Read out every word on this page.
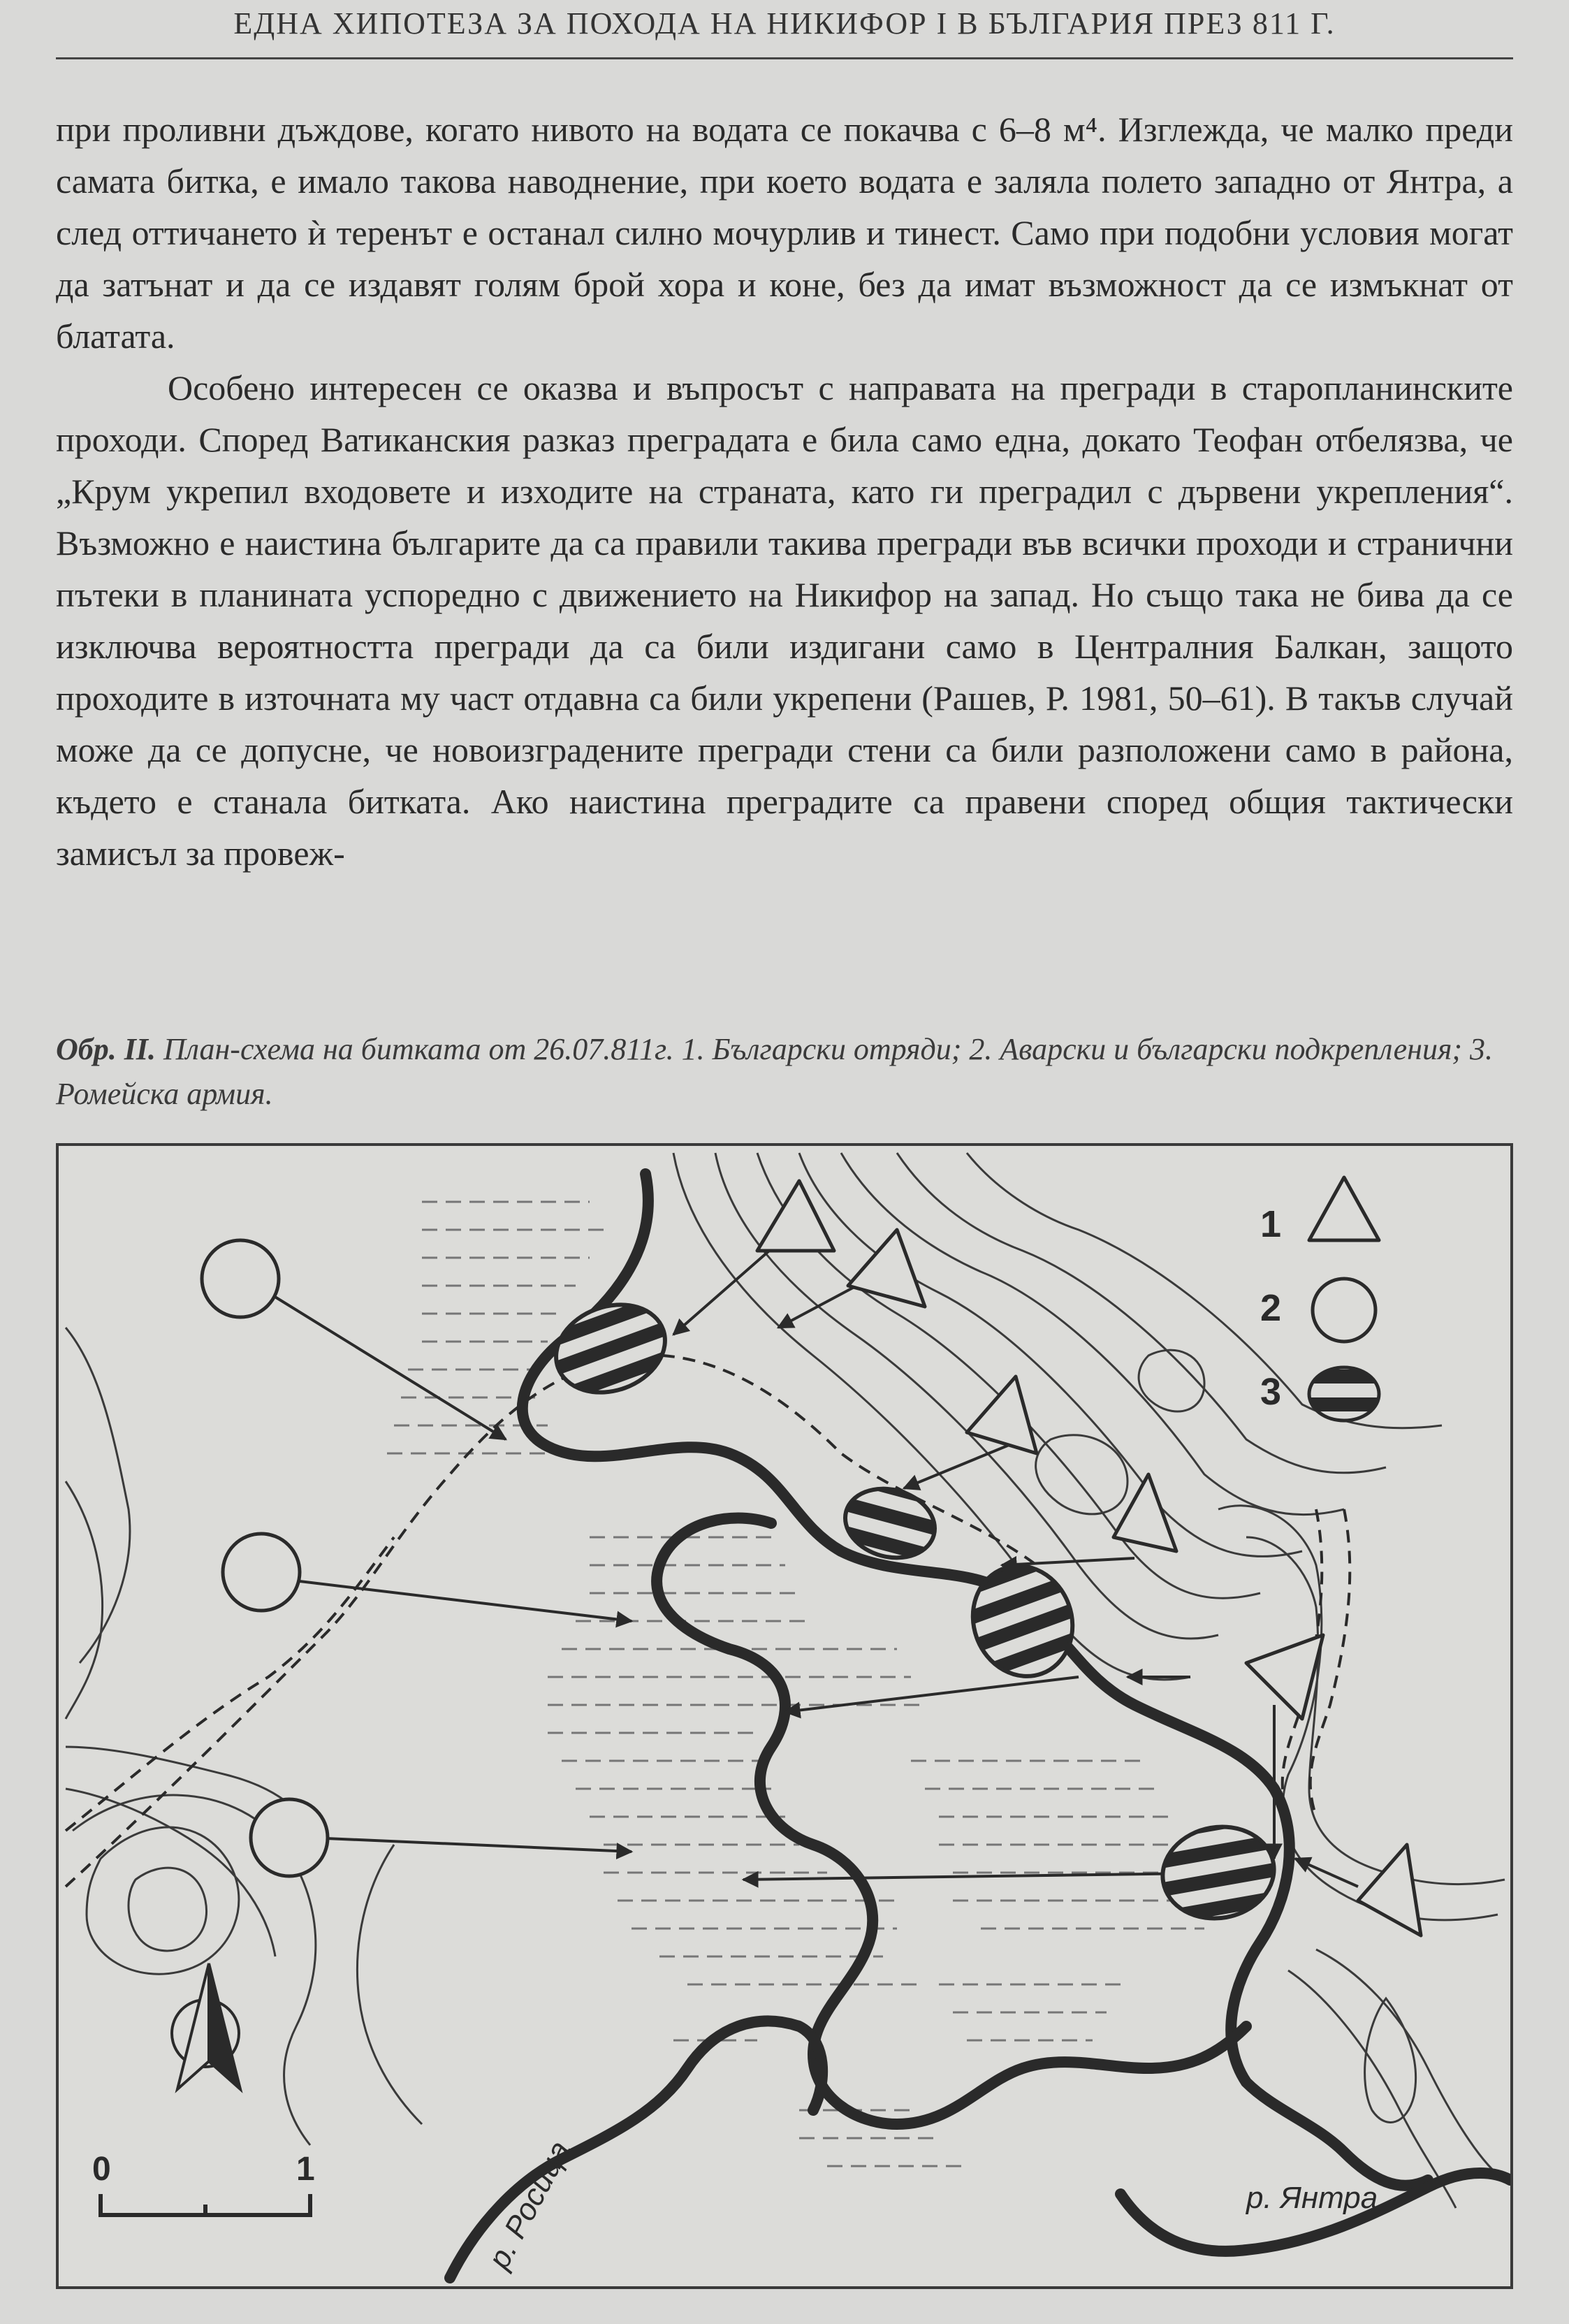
ЕДНА ХИПОТЕЗА ЗА ПОХОДА НА НИКИФОР I В БЪЛГАРИЯ ПРЕЗ 811 Г.

при проливни дъждове, когато нивото на водата се покачва с 6–8 м⁴. Изглежда, че малко преди самата битка, е имало такова наводнение, при което водата е заляла полето западно от Янтра, а след оттичането ѝ теренът е останал силно мочурлив и тинест. Само при подобни условия могат да затънат и да се издавят голям брой хора и коне, без да имат възможност да се измъкнат от блатата.

Особено интересен се оказва и въпросът с направата на прегради в старопланинските проходи. Според Ватиканския разказ преградата е била само една, докато Теофан отбелязва, че „Крум укрепил входовете и изходите на страната, като ги преградил с дървени укрепления“. Възможно е наистина българите да са правили такива прегради във всички проходи и странични пътеки в планината успоредно с движението на Никифор на запад. Но също така не бива да се изключва вероятността прегради да са били издигани само в Централния Балкан, защото проходите в източната му част отдавна са били укрепени (Рашев, Р. 1981, 50–61). В такъв случай може да се допусне, че новоизградените прегради стени са били разположени само в района, където е станала битката. Ако наистина преградите са правени според общия тактически замисъл за провеж-

Обр. II. План-схема на битката от 26.07.811г. 1. Български отряди; 2. Аварски и български подкрепления; 3. Ромейска армия.
1
2
3
0	1	р. Росица	р. Янтра
